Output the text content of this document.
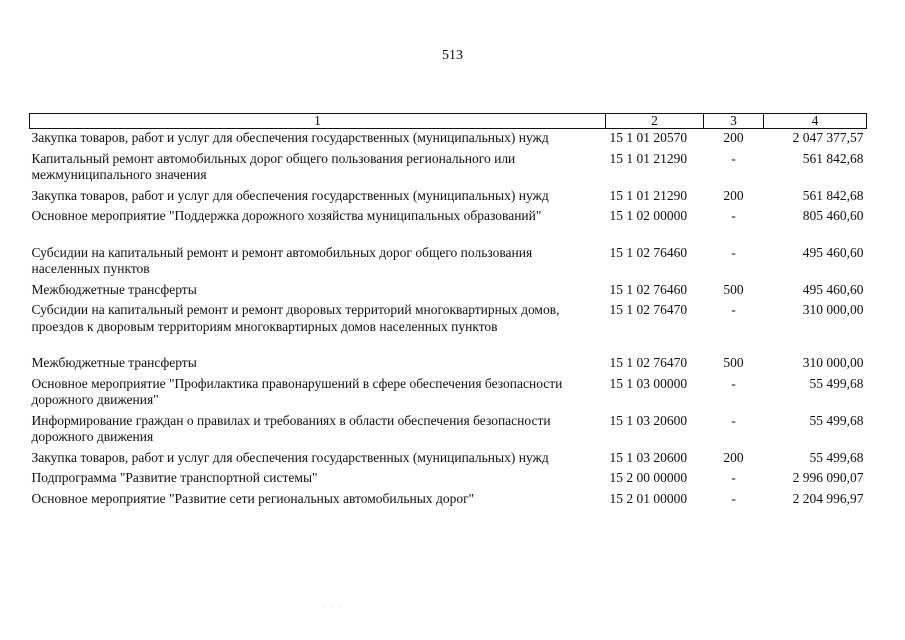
513
1	2	3	4
Закупка товаров, работ и услуг для обеспечения государственных (муниципальных) нужд	15 1 01 20570	200	2 047 377,57
Капитальный ремонт автомобильных дорог общего пользования регионального или межмуниципального значения	15 1 01 21290	-	561 842,68
Закупка товаров, работ и услуг для обеспечения государственных (муниципальных) нужд	15 1 01 21290	200	561 842,68
Основное мероприятие "Поддержка дорожного хозяйства муниципальных образований"	15 1 02 00000	-	805 460,60
Субсидии на капитальный ремонт и ремонт автомобильных дорог общего пользования населенных пунктов	15 1 02 76460	-	495 460,60
Межбюджетные трансферты	15 1 02 76460	500	495 460,60
Субсидии на капитальный ремонт и ремонт дворовых территорий многоквартирных домов, проездов к дворовым территориям многоквартирных домов населенных пунктов	15 1 02 76470	-	310 000,00
Межбюджетные трансферты	15 1 02 76470	500	310 000,00
Основное мероприятие "Профилактика правонарушений в сфере обеспечения безопасности дорожного движения"	15 1 03 00000	-	55 499,68
Информирование граждан о правилах и требованиях в области обеспечения безопасности дорожного движения	15 1 03 20600	-	55 499,68
Закупка товаров, работ и услуг для обеспечения государственных (муниципальных) нужд	15 1 03 20600	200	55 499,68
Подпрограмма "Развитие транспортной системы"	15 2 00 00000	-	2 996 090,07
Основное мероприятие "Развитие сети региональных автомобильных дорог"	15 2 01 00000	-	2 204 996,97
· · ·
